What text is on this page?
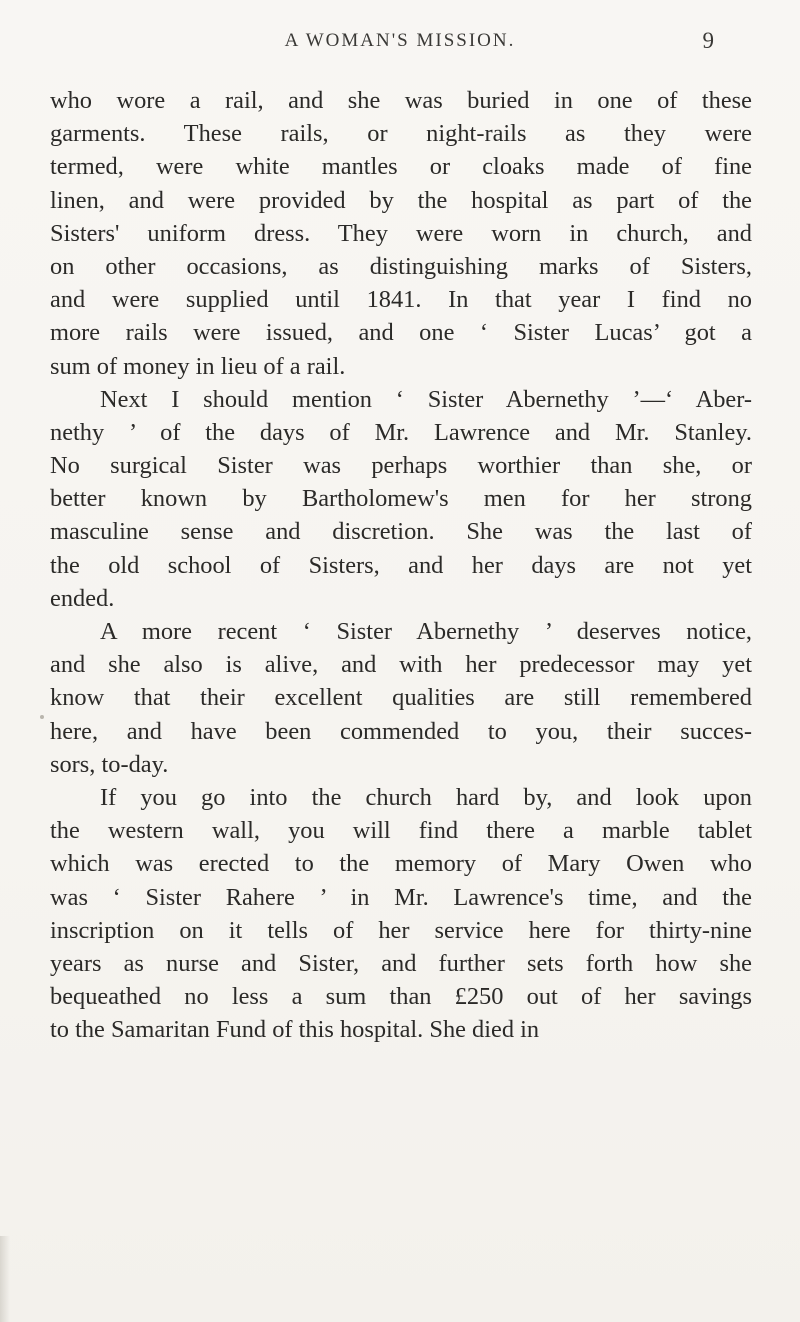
A WOMAN'S MISSION.	9

who wore a rail, and she was buried in one of these
garments. These rails, or night-rails as they were
termed, were white mantles or cloaks made of fine
linen, and were provided by the hospital as part of the
Sisters' uniform dress. They were worn in church, and
on other occasions, as distinguishing marks of Sisters,
and were supplied until 1841. In that year I find no
more rails were issued, and one ‘ Sister Lucas’ got a
sum of money in lieu of a rail.

Next I should mention ‘ Sister Abernethy ’—‘ Aber-
nethy ’ of the days of Mr. Lawrence and Mr. Stanley.
No surgical Sister was perhaps worthier than she, or
better known by Bartholomew's men for her strong
masculine sense and discretion. She was the last of
the old school of Sisters, and her days are not yet
ended.

A more recent ‘ Sister Abernethy ’ deserves notice,
and she also is alive, and with her predecessor may yet
know that their excellent qualities are still remembered
here, and have been commended to you, their succes-
sors, to-day.

If you go into the church hard by, and look upon
the western wall, you will find there a marble tablet
which was erected to the memory of Mary Owen who
was ‘ Sister Rahere ’ in Mr. Lawrence's time, and the
inscription on it tells of her service here for thirty-nine
years as nurse and Sister, and further sets forth how she
bequeathed no less a sum than £250 out of her savings
to the Samaritan Fund of this hospital. She died in
